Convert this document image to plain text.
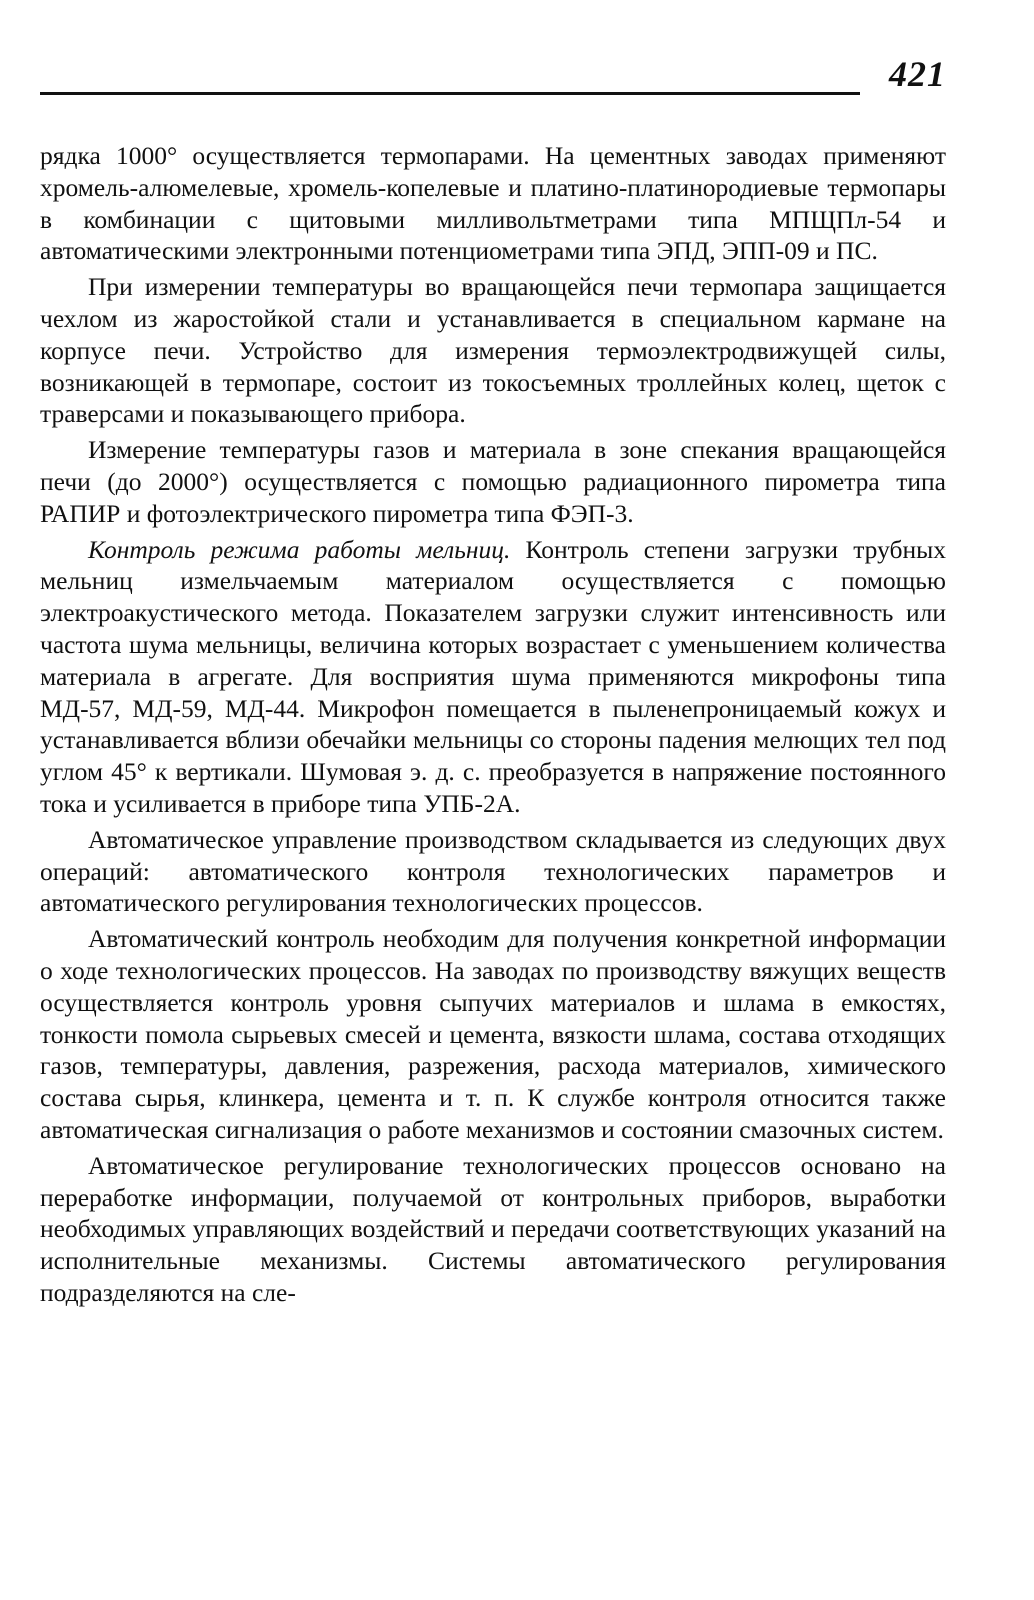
421

рядка 1000° осуществляется термопарами. На цементных заводах применяют хромель-алюмелевые, хромель-копелевые и платино-платинородиевые термопары в комбинации с щитовыми милливольтметрами типа МПЩПл-54 и автоматическими электронными потенциометрами типа ЭПД, ЭПП-09 и ПС.

При измерении температуры во вращающейся печи термопара защищается чехлом из жаростойкой стали и устанавливается в специальном кармане на корпусе печи. Устройство для измерения термоэлектродвижущей силы, возникающей в термопаре, состоит из токосъемных троллейных колец, щеток с траверсами и показывающего прибора.

Измерение температуры газов и материала в зоне спекания вращающейся печи (до 2000°) осуществляется с помощью радиационного пирометра типа РАПИР и фотоэлектрического пирометра типа ФЭП-3.

Контроль режима работы мельниц. Контроль степени загрузки трубных мельниц измельчаемым материалом осуществляется с помощью электроакустического метода. Показателем загрузки служит интенсивность или частота шума мельницы, величина которых возрастает с уменьшением количества материала в агрегате. Для восприятия шума применяются микрофоны типа МД-57, МД-59, МД-44. Микрофон помещается в пыленепроницаемый кожух и устанавливается вблизи обечайки мельницы со стороны падения мелющих тел под углом 45° к вертикали. Шумовая э. д. с. преобразуется в напряжение постоянного тока и усиливается в приборе типа УПБ-2А.

Автоматическое управление производством складывается из следующих двух операций: автоматического контроля технологических параметров и автоматического регулирования технологических процессов.

Автоматический контроль необходим для получения конкретной информации о ходе технологических процессов. На заводах по производству вяжущих веществ осуществляется контроль уровня сыпучих материалов и шлама в емкостях, тонкости помола сырьевых смесей и цемента, вязкости шлама, состава отходящих газов, температуры, давления, разрежения, расхода материалов, химического состава сырья, клинкера, цемента и т. п. К службе контроля относится также автоматическая сигнализация о работе механизмов и состоянии смазочных систем.

Автоматическое регулирование технологических процессов основано на переработке информации, получаемой от контрольных приборов, выработки необходимых управляющих воздействий и передачи соответствующих указаний на исполнительные механизмы. Системы автоматического регулирования подразделяются на сле-
